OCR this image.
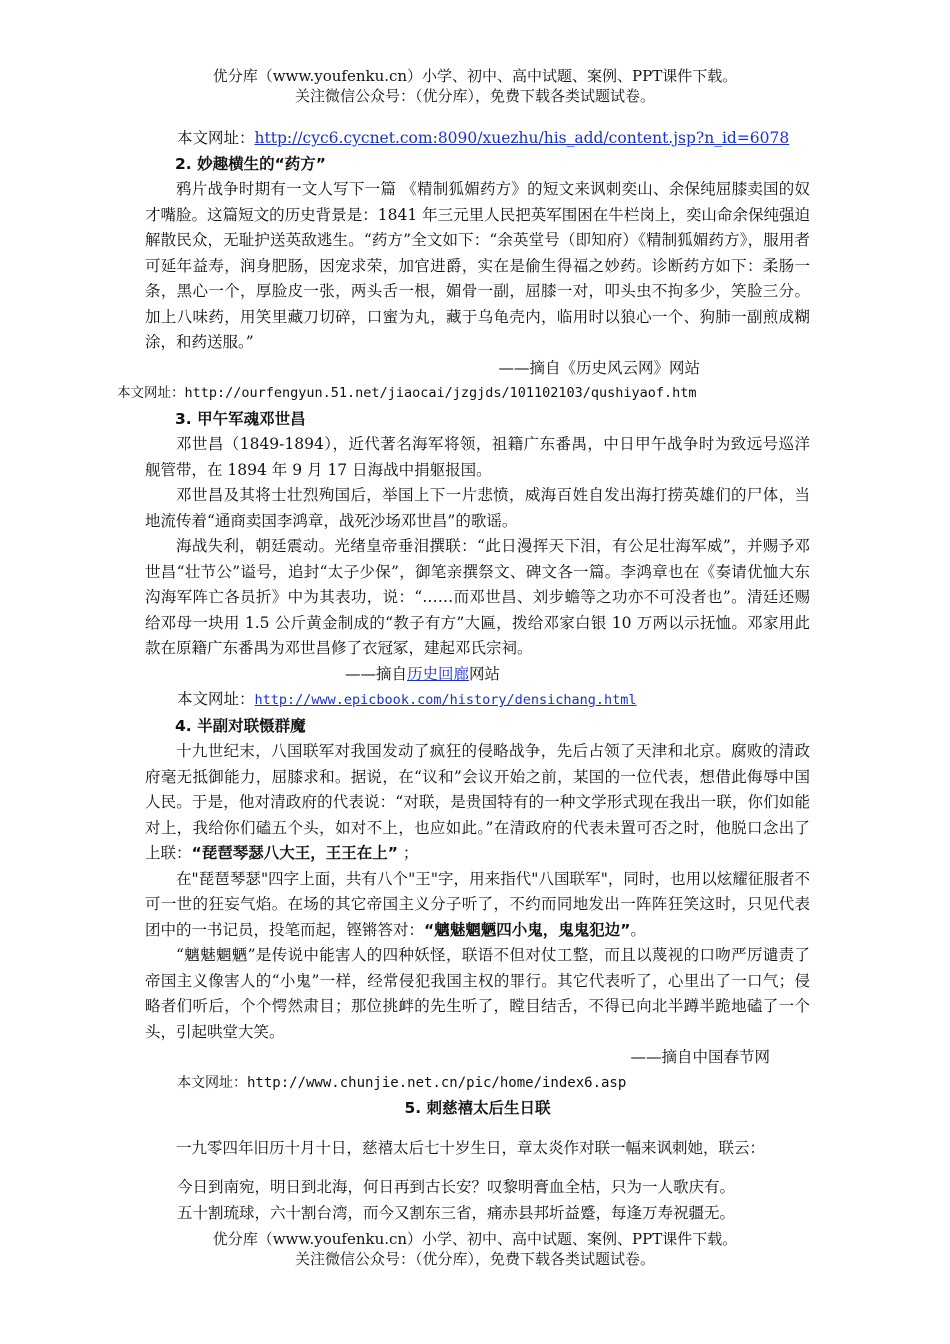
优分库（www.youfenku.cn）小学、初中、高中试题、案例、PPT课件下载。
关注微信公众号：（优分库），免费下载各类试题试卷。
本文网址：http://cyc6.cycnet.com:8090/xuezhu/his_add/content.jsp?n_id=6078
2. 妙趣横生的“药方”
鸦片战争时期有一文人写下一篇 《精制狐媚药方》的短文来讽刺奕山、余保纯屈膝卖国的奴才嘴脸。这篇短文的历史背景是：1841 年三元里人民把英军围困在牛栏岗上，奕山命余保纯强迫解散民众，无耻护送英敌逃生。“药方”全文如下：“余英堂号（即知府）《精制狐媚药方》，服用者可延年益寿，润身肥肠，因宠求荣，加官进爵，实在是偷生得福之妙药。诊断药方如下：柔肠一条，黑心一个，厚脸皮一张，两头舌一根，媚骨一副，屈膝一对，叩头虫不拘多少，笑脸三分。加上八味药，用笑里藏刀切碎，口蜜为丸，藏于乌龟壳内，临用时以狼心一个、狗肺一副煎成糊涂，和药送服。”
——摘自《历史风云网》网站
本文网址：http://ourfengyun.51.net/jiaocai/jzgjds/101102103/qushiyaof.htm
3. 甲午军魂邓世昌
邓世昌（1849-1894），近代著名海军将领，祖籍广东番禺，中日甲午战争时为致远号巡洋舰管带，在 1894 年 9 月 17 日海战中捐躯报国。
邓世昌及其将士壮烈殉国后，举国上下一片悲愤，威海百姓自发出海打捞英雄们的尸体，当地流传着“通商卖国李鸿章，战死沙场邓世昌”的歌谣。
海战失利，朝廷震动。光绪皇帝垂泪撰联：“此日漫挥天下泪，有公足壮海军威”，并赐予邓世昌“壮节公”谥号，追封“太子少保”，御笔亲撰祭文、碑文各一篇。李鸿章也在《奏请优恤大东沟海军阵亡各员折》中为其表功，说：“……而邓世昌、刘步蟾等之功亦不可没者也”。清廷还赐给邓母一块用 1.5 公斤黄金制成的“教子有方”大匾，拨给邓家白银 10 万两以示抚恤。邓家用此款在原籍广东番禺为邓世昌修了衣冠冢，建起邓氏宗祠。
——摘自历史回廊网站
本文网址：http://www.epicbook.com/history/densichang.html
4. 半副对联慑群魔
十九世纪末，八国联军对我国发动了疯狂的侵略战争，先后占领了天津和北京。腐败的清政府毫无抵御能力，屈膝求和。据说，在“议和”会议开始之前，某国的一位代表，想借此侮辱中国人民。于是，他对清政府的代表说：“对联，是贵国特有的一种文学形式现在我出一联，你们如能对上，我给你们磕五个头，如对不上，也应如此。”在清政府的代表未置可否之时，他脱口念出了上联：“琵琶琴瑟八大王，王王在上” ；
在"琵琶琴瑟"四字上面，共有八个"王"字，用来指代"八国联军"，同时，也用以炫耀征服者不可一世的狂妄气焰。在场的其它帝国主义分子听了，不约而同地发出一阵阵狂笑这时，只见代表团中的一书记员，投笔而起，铿锵答对：“魑魅魍魉四小鬼，鬼鬼犯边”。
“魑魅魍魉”是传说中能害人的四种妖怪，联语不但对仗工整，而且以蔑视的口吻严厉谴责了帝国主义像害人的“小鬼”一样，经常侵犯我国主权的罪行。其它代表听了，心里出了一口气；侵略者们听后，个个愕然肃目；那位挑衅的先生听了，瞠目结舌，不得已向北半蹲半跪地磕了一个头，引起哄堂大笑。
——摘自中国春节网
本文网址：http://www.chunjie.net.cn/pic/home/index6.asp
5. 刺慈禧太后生日联
一九零四年旧历十月十日，慈禧太后七十岁生日，章太炎作对联一幅来讽刺她，联云：
今日到南宛，明日到北海，何日再到古长安？叹黎明膏血全枯，只为一人歌庆有。
五十割琉球，六十割台湾，而今又割东三省，痛赤县邦圻益蹙，每逢万寿祝疆无。
优分库（www.youfenku.cn）小学、初中、高中试题、案例、PPT课件下载。
关注微信公众号：（优分库），免费下载各类试题试卷。
